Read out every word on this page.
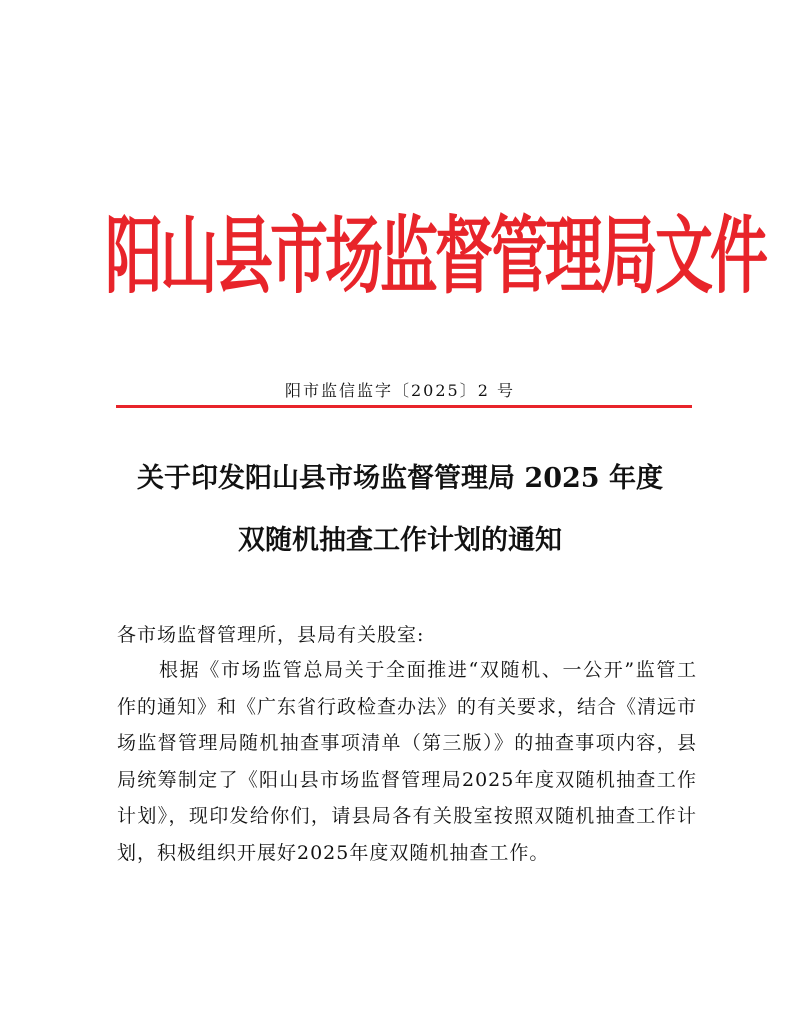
阳山县市场监督管理局文件
阳市监信监字〔2025〕2 号
关于印发阳山县市场监督管理局 2025 年度
双随机抽查工作计划的通知
各市场监督管理所，县局有关股室:

根据《市场监管总局关于全面推进“双随机、一公开”监管工作的通知》和《广东省行政检查办法》的有关要求，结合《清远市场监督管理局随机抽查事项清单（第三版）》的抽查事项内容，县局统筹制定了《阳山县市场监督管理局2025年度双随机抽查工作计划》，现印发给你们，请县局各有关股室按照双随机抽查工作计划，积极组织开展好2025年度双随机抽查工作。
